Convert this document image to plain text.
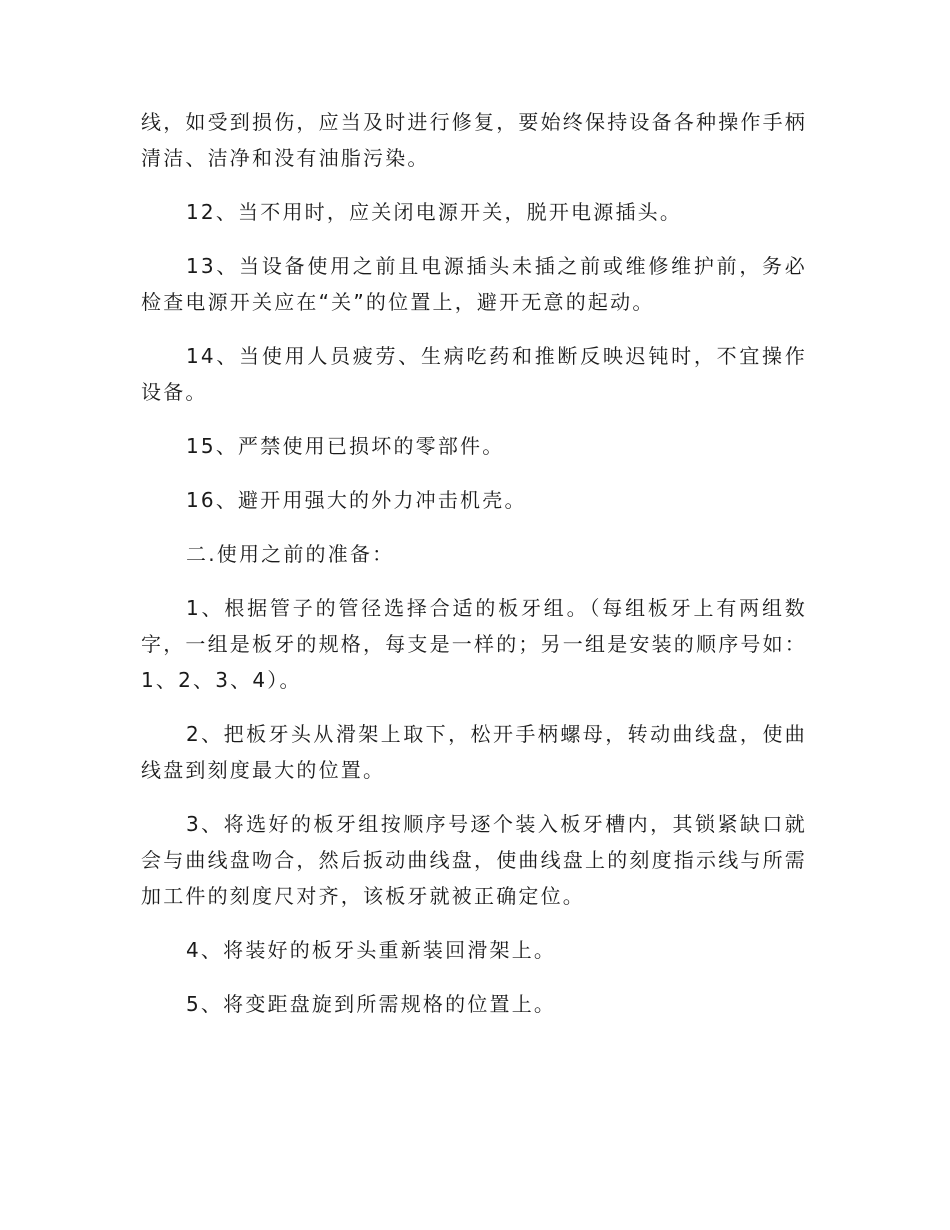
线，如受到损伤，应当及时进行修复，要始终保持设备各种操作手柄清洁、洁净和没有油脂污染。

12、当不用时，应关闭电源开关，脱开电源插头。

13、当设备使用之前且电源插头未插之前或维修维护前，务必检查电源开关应在“关”的位置上，避开无意的起动。

14、当使用人员疲劳、生病吃药和推断反映迟钝时，不宜操作设备。

15、严禁使用已损坏的零部件。

16、避开用强大的外力冲击机壳。

二.使用之前的准备：

1、根据管子的管径选择合适的板牙组。（每组板牙上有两组数字，一组是板牙的规格，每支是一样的；另一组是安装的顺序号如：1、2、3、4）。

2、把板牙头从滑架上取下，松开手柄螺母，转动曲线盘，使曲线盘到刻度最大的位置。

3、将选好的板牙组按顺序号逐个装入板牙槽内，其锁紧缺口就会与曲线盘吻合，然后扳动曲线盘，使曲线盘上的刻度指示线与所需加工件的刻度尺对齐，该板牙就被正确定位。

4、将装好的板牙头重新装回滑架上。

5、将变距盘旋到所需规格的位置上。
